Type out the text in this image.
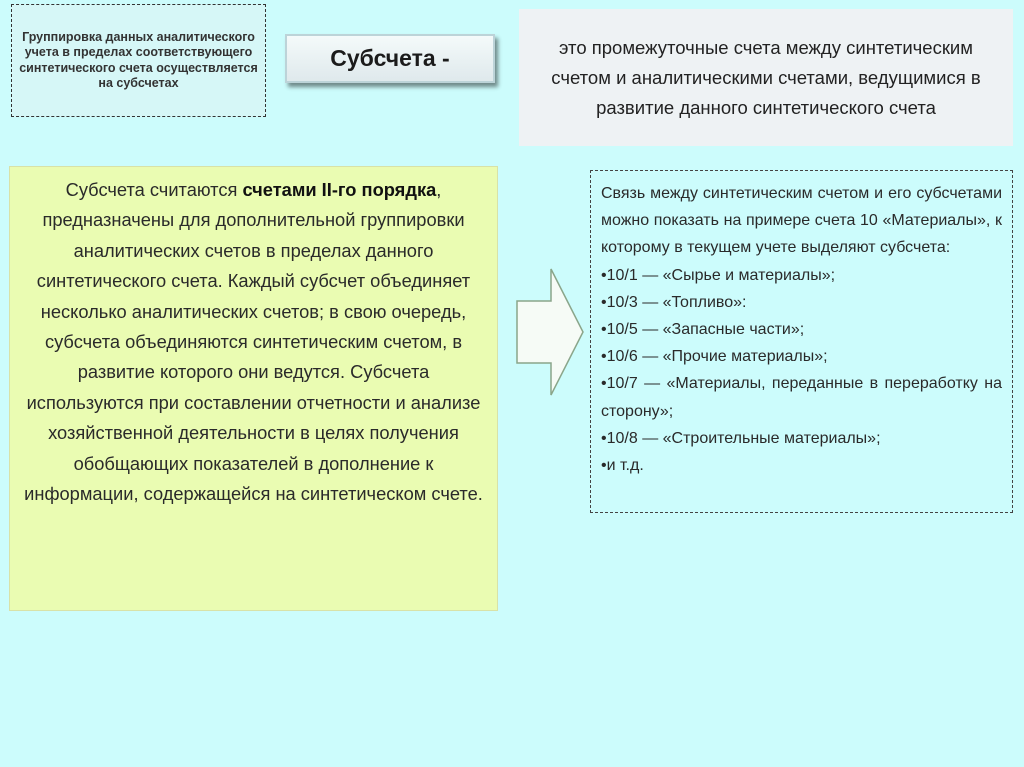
Группировка данных аналитического учета в пределах соответствующего синтетического счета осуществляется на субсчетах
Субсчета -	это промежуточные счета между синтетическим счетом и аналитическими счетами, ведущимися в развитие данного синтетического счета
Субсчета считаются счетами II-го порядка, предназначены для дополнительной группировки аналитических счетов в пределах данного синтетического счета. Каждый субсчет объединяет несколько аналитических счетов; в свою очередь, субсчета объединяются синтетическим счетом, в развитие которого они ведутся. Субсчета используются при составлении отчетности и анализе хозяйственной деятельности в целях получения обобщающих показателей в дополнение к информации, содержащейся на синтетическом счете.

Связь между синтетическим счетом и его субсчетами можно показать на примере счета 10 «Материалы», к которому в текущем учете выделяют субсчета:

•10/1 — «Сырье и материалы»;

•10/3 — «Топливо»:

•10/5 — «Запасные части»;

•10/6 — «Прочие материалы»;

•10/7 — «Материалы, переданные в переработку на сторону»;

•10/8 — «Строительные материалы»;

•и т.д.
